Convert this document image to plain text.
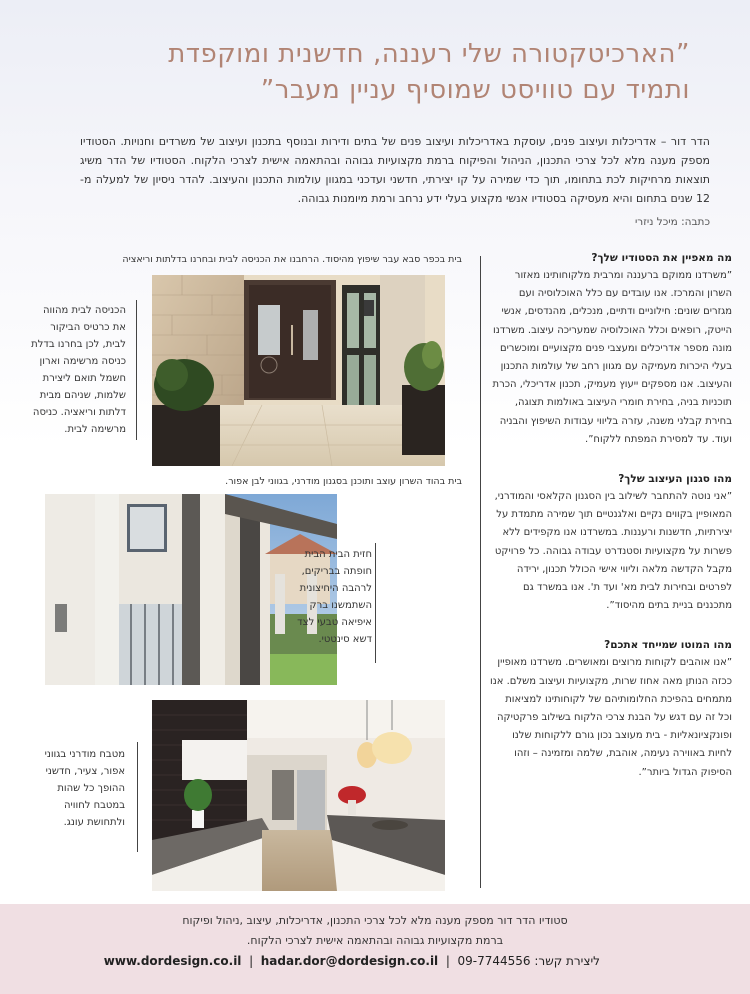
”הארכיטקטורה שלי רעננה, חדשנית ומוקפדת
ותמיד עם טוויסט שמוסיף עניין מעבר”
הדר דור – אדריכלות ועיצוב פנים, עוסקת באדריכלות ועיצוב פנים של בתים ודירות ובנוסף בתכנון ועיצוב של משרדים וחנויות. הסטודיו מספק מענה מלא לכל צרכי התכנון, הניהול והפיקוח ברמת מקצועיות גבוהה ובהתאמה אישית לצרכי הלקוח. הסטודיו של הדר משיג תוצאות מרחיקות לכת בתחומו, תוך כדי שמירה על קו יצירתי, חדשני ועדכני במגוון עולמות התכנון והעיצוב. להדר ניסיון של למעלה מ- 12 שנים בתחום והיא מעסיקה בסטודיו אנשי מקצוע בעלי ידע נרחב ורמת מיומנות גבוהה.
כתבה: מיכל ניזרי
מה מאפיין את הסטודיו שלך?

”משרדנו ממוקם ברעננה ומרבית מלקוחותינו מאזור השרון והמרכז. אנו עובדים עם כלל האוכלוסיה ועם מגזרים שונים: חילוניים ודתיים, מנכלים, מהנדסים, אנשי הייטק, רופאים וכלל האוכלוסיה שמעריכה עיצוב. משרדנו מונה מספר אדריכלים ומעצבי פנים מקצועיים ומוכשרים בעלי היכרות מעמיקה עם מגוון רחב של עולמות התכנון והעיצוב. אנו מספקים ייעוץ מעמיק, תכנון אדריכלי, הכרת תוכניות בניה, בחירת חומרי העיצוב באולמות תצוגה, בחירת קבלני משנה, עזרה בליווי עבודות השיפוץ והבניה ועוד. עד למסירת המפתח ללקוח”.

מהו סגנון העיצוב שלך?

”אני נוטה להתחבר לשילוב בין הסגנון הקלאסי והמודרני, המאופיין בקווים נקיים ואלגנטיים תוך שמירה מתמדת על יצירתיות, חדשנות ורעננות. במשרדנו אנו מקפידים ללא פשרות על מקצועיות וסטנדרט עבודה גבוהה. כל פרויקט מקבל הקדשה מלאה וליווי אישי הכולל תכנון, ירידה לפרטים ובחירות לבית מא' ועד ת'. אנו במשרד גם מתכננים בניית בתים מהיסוד”.

מהו המוטו שמייחד אתכם?

”אנו אוהבים לקוחות מרוצים ומאושרים. משרדנו מאופיין ככזה הנותן מאה אחוז שרות, מקצועיות ועיצוב משלם. אנו מתמחים בהפיכת החלומותיהם של לקוחותינו למציאות וכל זה עם דגש על הבנת צרכי הלקוח בשילוב פרקטיקה ופונקציונאליות - בית מעוצב נכון גורם ללקוחות שלנו לחיות באווירה נעימה, אוהבת, שלמה ומזמינה – וזהו הסיפוק הגדול ביותר”.

בית בכפר סבא עבר שיפוץ מהיסוד. הרחבנו את הכניסה לבית ובחרנו בדלתות וריאציה
הכניסה לבית מהווה את כרטיס הביקור לבית, לכן בחרנו בדלת כניסה מרשימה וארון חשמל תואם ליצירת שלמות, שניהם מבית דלתות וריאציה. כניסה מרשימה לבית.
בית בהוד השרון עוצב ותוכנן בסגנון מודרני, בגווני לבן אפור.
חזית הבית הבית חופתה בבריקים, לרהבה היחיצונית השתמשנו ברק איפיאה טבעי לצד דשא סינטטי.
מטבח מודרני בגווני אפור, צעיר, חדשני ההופך כל שהות במטבח לחוויה ולתחושת עונג.
סטודיו הדר דור מספק מענה מלא לכל צרכי התכנון, אדריכלות, עיצוב ,ניהול ופיקוח
ברמת מקצועיות גבוהה ובהתאמה אישית לצרכי הלקוח.
ליצירת קשר: 09-7744556  |  hadar.dor@dordesign.co.il  |  www.dordesign.co.il
